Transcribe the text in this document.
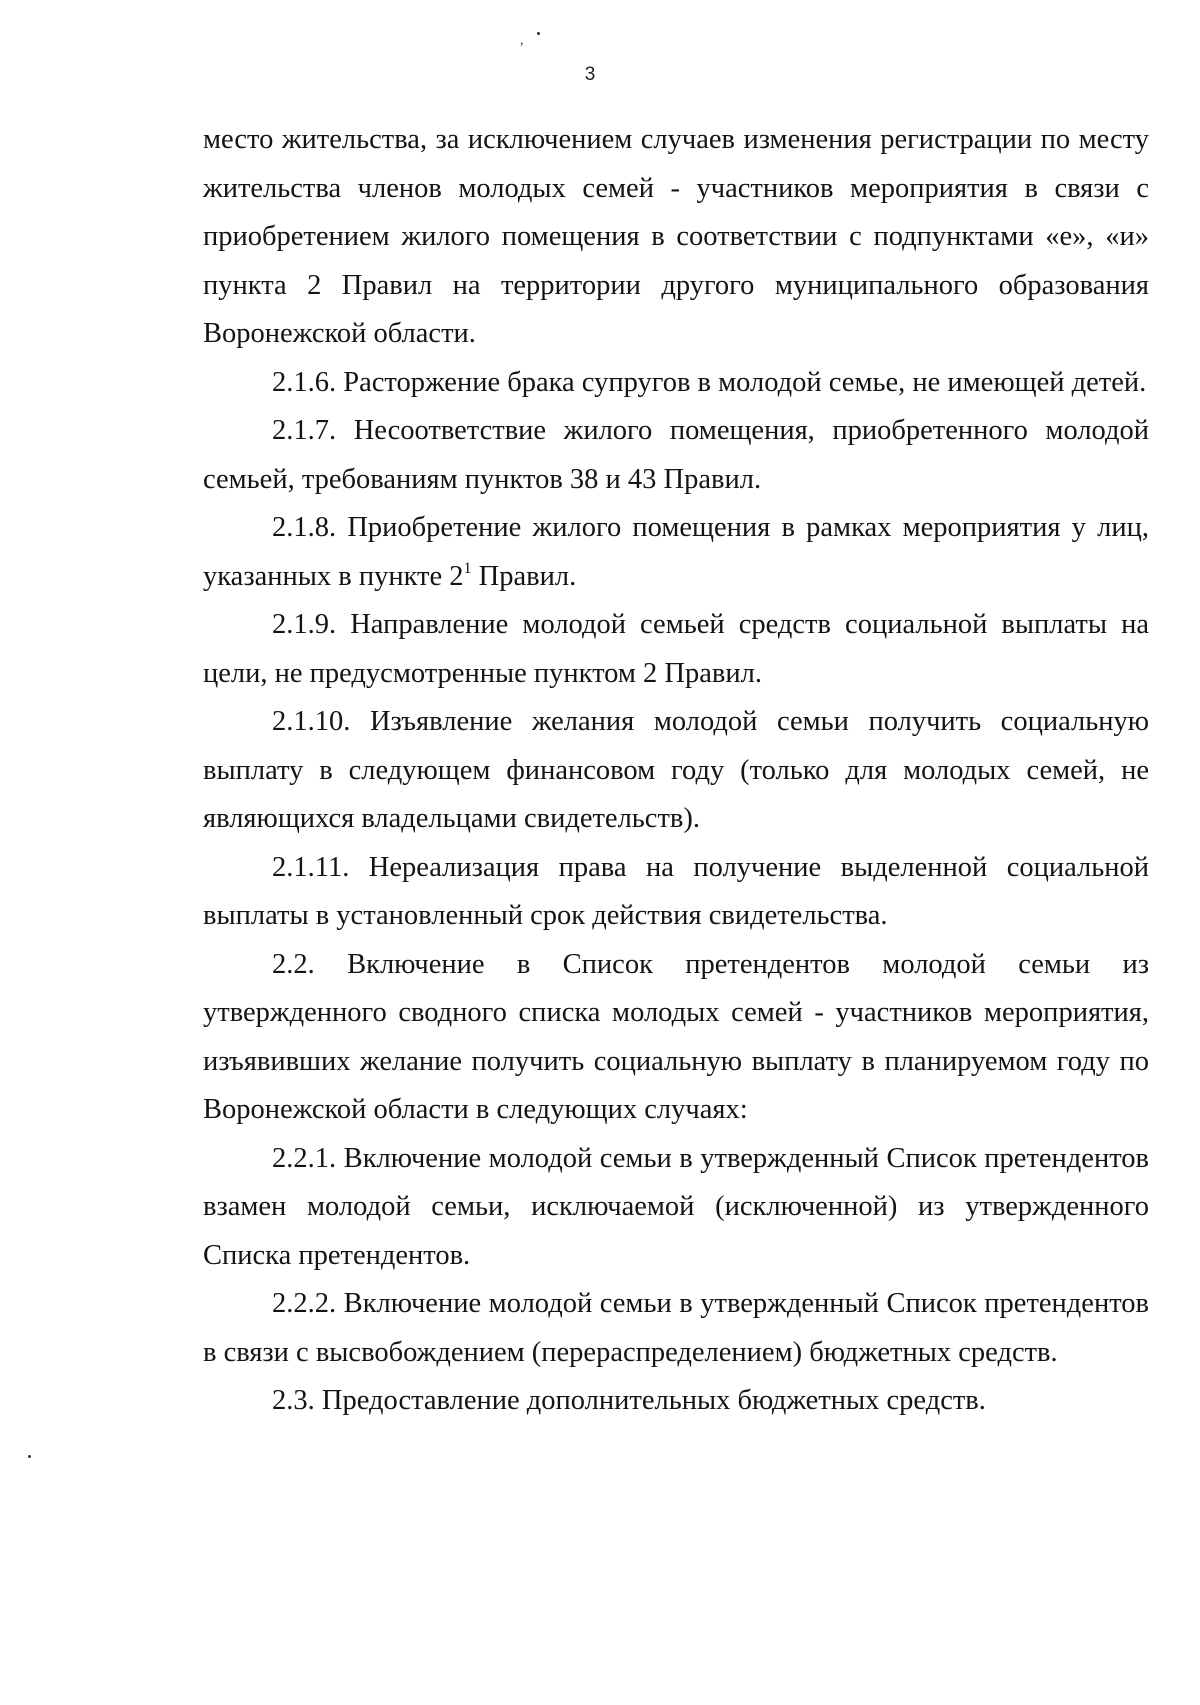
,
3

место жительства, за исключением случаев изменения регистрации по месту жительства членов молодых семей - участников мероприятия в связи с приобретением жилого помещения в соответствии с подпунктами «е», «и» пункта 2 Правил на территории другого муниципального образования Воронежской области.

2.1.6. Расторжение брака супругов в молодой семье, не имеющей детей.

2.1.7. Несоответствие жилого помещения, приобретенного молодой семьей, требованиям пунктов 38 и 43 Правил.

2.1.8. Приобретение жилого помещения в рамках мероприятия у лиц, указанных в пункте $2^1$ Правил.

2.1.9. Направление молодой семьей средств социальной выплаты на цели, не предусмотренные пунктом 2 Правил.

2.1.10. Изъявление желания молодой семьи получить социальную выплату в следующем финансовом году (только для молодых семей, не являющихся владельцами свидетельств).

2.1.11. Нереализация права на получение выделенной социальной выплаты в установленный срок действия свидетельства.

2.2. Включение в Список претендентов молодой семьи из утвержденного сводного списка молодых семей - участников мероприятия, изъявивших желание получить социальную выплату в планируемом году по Воронежской области в следующих случаях:

2.2.1. Включение молодой семьи в утвержденный Список претендентов взамен молодой семьи, исключаемой (исключенной) из утвержденного Списка претендентов.

2.2.2. Включение молодой семьи в утвержденный Список претендентов в связи с высвобождением (перераспределением) бюджетных средств.

2.3. Предоставление дополнительных бюджетных средств.
